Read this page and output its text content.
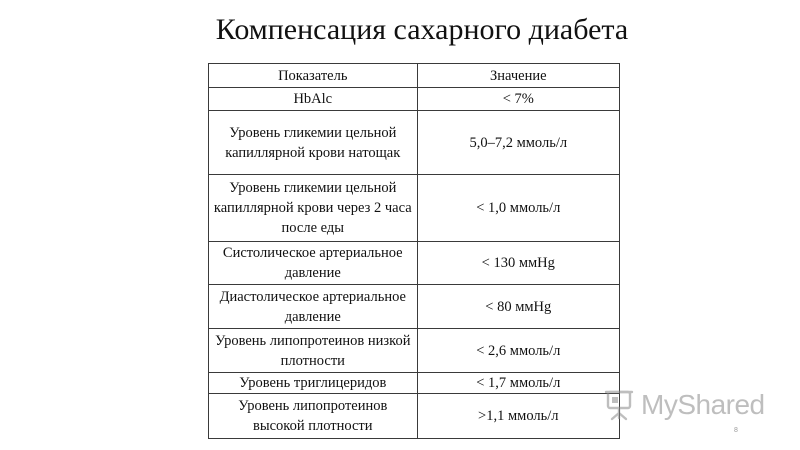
Компенсация сахарного диабета
Показатель	Значение
HbAlc	< 7%
Уровень гликемии цельной капиллярной крови натощак	5,0–7,2 ммоль/л
Уровень гликемии цельной капиллярной крови через 2 часа после еды	< 1,0 ммоль/л
Систолическое артериальное давление	< 130 ммHg
Диастолическое артериальное давление	< 80 ммHg
Уровень липопротеинов низкой плотности	< 2,6 ммоль/л
Уровень триглицеридов	< 1,7 ммоль/л
Уровень липопротеинов высокой плотности	>1,1 ммоль/л	MyShared
8
